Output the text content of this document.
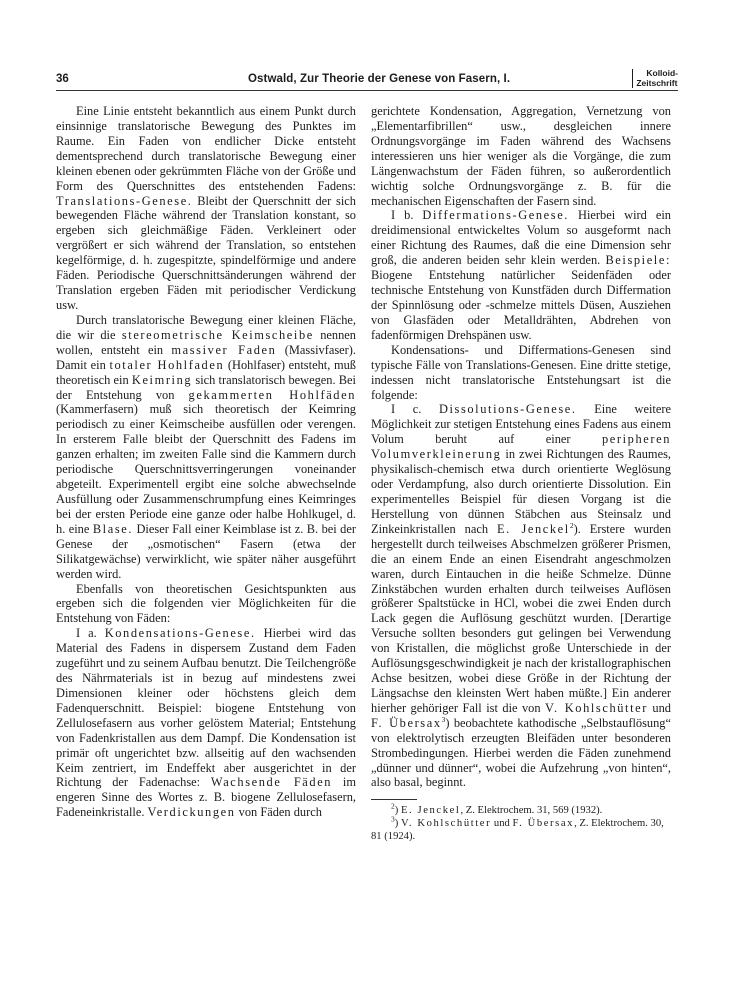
36	Ostwald, Zur Theorie der Genese von Fasern, I.	Kolloid-
Zeitschrift

Eine Linie entsteht bekanntlich aus einem Punkt durch einsinnige translatorische Bewegung des Punktes im Raume. Ein Faden von endlicher Dicke entsteht dementsprechend durch translatorische Bewegung einer kleinen ebenen oder gekrümmten Fläche von der Größe und Form des Querschnittes des entstehenden Fadens: Translations-Genese. Bleibt der Querschnitt der sich bewegenden Fläche während der Translation konstant, so ergeben sich gleichmäßige Fäden. Verkleinert oder vergrößert er sich während der Translation, so entstehen kegelförmige, d. h. zugespitzte, spindelförmige und andere Fäden. Periodische Querschnittsänderungen während der Translation ergeben Fäden mit periodischer Verdickung usw.

Durch translatorische Bewegung einer kleinen Fläche, die wir die stereometrische Keimscheibe nennen wollen, entsteht ein massiver Faden (Massivfaser). Damit ein totaler Hohlfaden (Hohlfaser) entsteht, muß theoretisch ein Keimring sich translatorisch bewegen. Bei der Entstehung von gekammerten Hohlfäden (Kammerfasern) muß sich theoretisch der Keimring periodisch zu einer Keimscheibe ausfüllen oder verengen. In ersterem Falle bleibt der Querschnitt des Fadens im ganzen erhalten; im zweiten Falle sind die Kammern durch periodische Querschnittsverringerungen voneinander abgeteilt. Experimentell ergibt eine solche abwechselnde Ausfüllung oder Zusammenschrumpfung eines Keimringes bei der ersten Periode eine ganze oder halbe Hohlkugel, d. h. eine Blase. Dieser Fall einer Keimblase ist z. B. bei der Genese der „osmotischen“ Fasern (etwa der Silikatgewächse) verwirklicht, wie später näher ausgeführt werden wird.

Ebenfalls von theoretischen Gesichtspunkten aus ergeben sich die folgenden vier Möglichkeiten für die Entstehung von Fäden:

I a. Kondensations-Genese. Hierbei wird das Material des Fadens in dispersem Zustand dem Faden zugeführt und zu seinem Aufbau benutzt. Die Teilchengröße des Nährmaterials ist in bezug auf mindestens zwei Dimensionen kleiner oder höchstens gleich dem Fadenquerschnitt. Beispiel: biogene Entstehung von Zellulosefasern aus vorher gelöstem Material; Entstehung von Fadenkristallen aus dem Dampf. Die Kondensation ist primär oft ungerichtet bzw. allseitig auf den wachsenden Keim zentriert, im Endeffekt aber ausgerichtet in der Richtung der Fadenachse: Wachsende Fäden im engeren Sinne des Wortes z. B. biogene Zellulosefasern, Fadeneinkristalle. Verdickungen von Fäden durch

gerichtete Kondensation, Aggregation, Vernetzung von „Elementarfibrillen“ usw., desgleichen innere Ordnungsvorgänge im Faden während des Wachsens interessieren uns hier weniger als die Vorgänge, die zum Längenwachstum der Fäden führen, so außerordentlich wichtig solche Ordnungsvorgänge z. B. für die mechanischen Eigenschaften der Fasern sind.

I b. Differmations-Genese. Hierbei wird ein dreidimensional entwickeltes Volum so ausgeformt nach einer Richtung des Raumes, daß die eine Dimension sehr groß, die anderen beiden sehr klein werden. Beispiele: Biogene Entstehung natürlicher Seidenfäden oder technische Entstehung von Kunstfäden durch Differmation der Spinnlösung oder -schmelze mittels Düsen, Ausziehen von Glasfäden oder Metalldrähten, Abdrehen von fadenförmigen Drehspänen usw.

Kondensations- und Differmations-Genesen sind typische Fälle von Translations-Genesen. Eine dritte stetige, indessen nicht translatorische Entstehungsart ist die folgende:

I c. Dissolutions-Genese. Eine weitere Möglichkeit zur stetigen Entstehung eines Fadens aus einem Volum beruht auf einer peripheren Volumverkleinerung in zwei Richtungen des Raumes, physikalisch-chemisch etwa durch orientierte Weglösung oder Verdampfung, also durch orientierte Dissolution. Ein experimentelles Beispiel für diesen Vorgang ist die Herstellung von dünnen Stäbchen aus Steinsalz und Zinkeinkristallen nach E. Jenckel$^2$). Erstere wurden hergestellt durch teilweises Abschmelzen größerer Prismen, die an einem Ende an einen Eisendraht angeschmolzen waren, durch Eintauchen in die heiße Schmelze. Dünne Zinkstäbchen wurden erhalten durch teilweises Auflösen größerer Spaltstücke in HCl, wobei die zwei Enden durch Lack gegen die Auflösung geschützt wurden. [Derartige Versuche sollten besonders gut gelingen bei Verwendung von Kristallen, die möglichst große Unterschiede in der Auflösungsgeschwindigkeit je nach der kristallographischen Achse besitzen, wobei diese Größe in der Richtung der Längsachse den kleinsten Wert haben müßte.] Ein anderer hierher gehöriger Fall ist die von V. Kohlschütter und F. Übersax$^3$) beobachtete kathodische „Selbstauflösung“ von elektrolytisch erzeugten Bleifäden unter besonderen Strombedingungen. Hierbei werden die Fäden zunehmend „dünner und dünner“, wobei die Aufzehrung „von hinten“, also basal, beginnt.

$^2$) E. Jenckel, Z. Elektrochem. 31, 569 (1932).

$^3$) V. Kohlschütter und F. Übersax, Z. Elektrochem. 30, 81 (1924).
